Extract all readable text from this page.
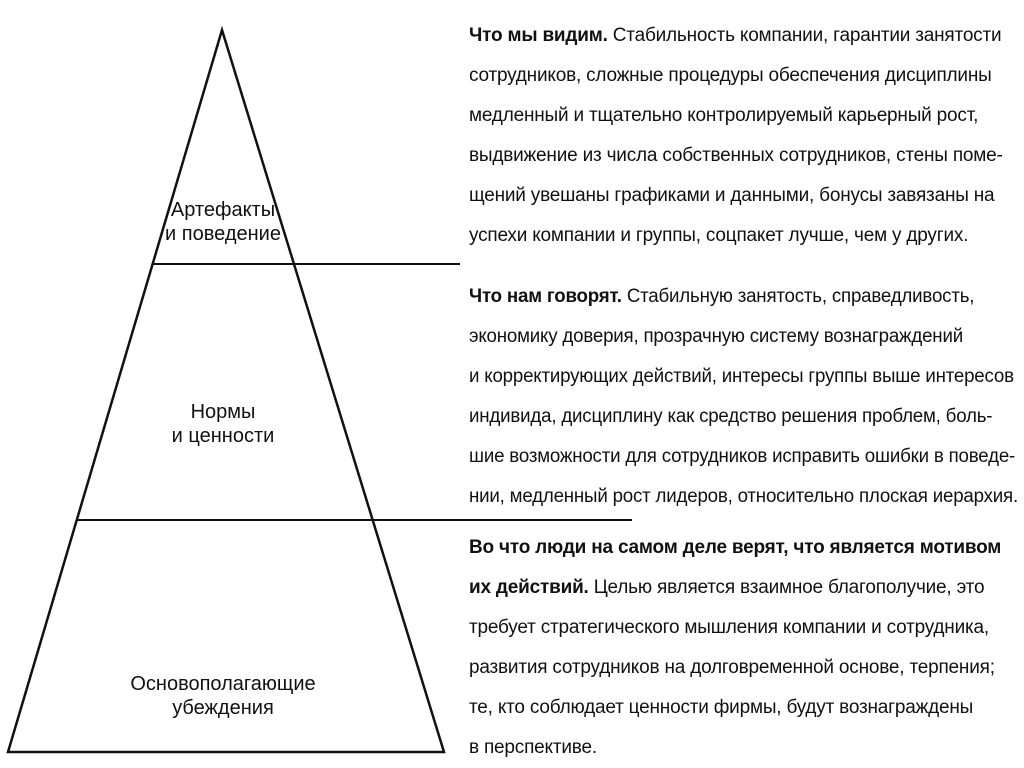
Артефакты
и поведение
Нормы
и ценности
Основополагающие
убеждения
Что мы видим. Стабильность компании, гарантии занятости
сотрудников, сложные процедуры обеспечения дисциплины
медленный и тщательно контролируемый карьерный рост,
выдвижение из числа собственных сотрудников, стены поме-
щений увешаны графиками и данными, бонусы завязаны на
успехи компании и группы, соцпакет лучше, чем у других.
Что нам говорят. Стабильную занятость, справедливость,
экономику доверия, прозрачную систему вознаграждений
и корректирующих действий, интересы группы выше интересов
индивида, дисциплину как средство решения проблем, боль-
шие возможности для сотрудников исправить ошибки в поведе-
нии, медленный рост лидеров, относительно плоская иерархия.
Во что люди на самом деле верят, что является мотивом
их действий. Целью является взаимное благополучие, это
требует стратегического мышления компании и сотрудника,
развития сотрудников на долговременной основе, терпения;
те, кто соблюдает ценности фирмы, будут вознаграждены
в перспективе.
